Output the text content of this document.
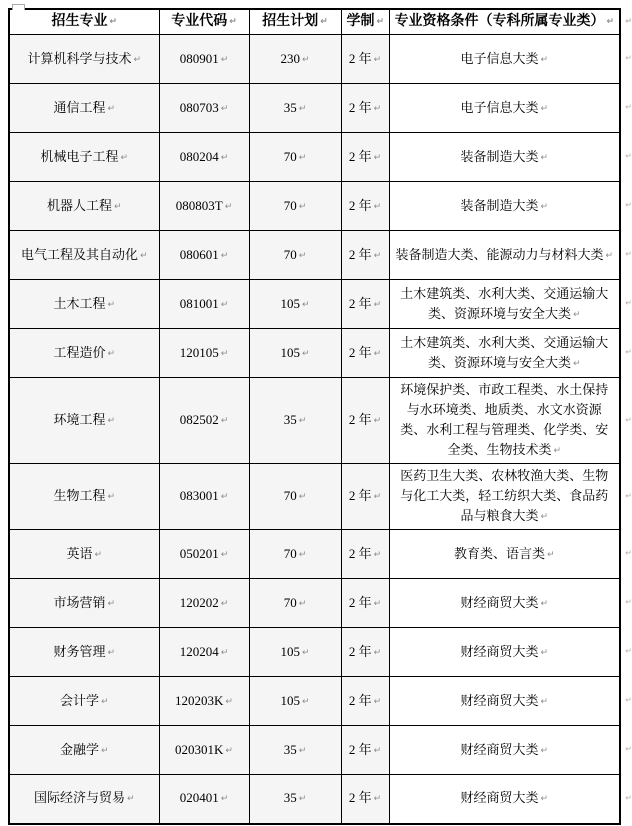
招生专业 ↵	专业代码 ↵	招生计划 ↵	学制 ↵	专业资格条件（专科所属专业类） ↵ ↵

计算机科学与技术 ↵	080901 ↵	230 ↵	2 年 ↵	电子信息大类 ↵ ↵

通信工程 ↵	080703 ↵	35 ↵	2 年 ↵	电子信息大类 ↵ ↵

机械电子工程 ↵	080204 ↵	70 ↵	2 年 ↵	装备制造大类 ↵ ↵

机器人工程 ↵	080803T ↵	70 ↵	2 年 ↵	装备制造大类 ↵ ↵

电气工程及其自动化 ↵	080601 ↵	70 ↵	2 年 ↵	装备制造大类、能源动力与材料大类 ↵ ↵

土木工程 ↵	081001 ↵	105 ↵	2 年 ↵	土木建筑类、水利大类、交通运输大类、资源环境与安全大类 ↵
↵

工程造价 ↵	120105 ↵	105 ↵	2 年 ↵	土木建筑类、水利大类、交通运输大类、资源环境与安全大类 ↵
↵

环境工程 ↵	082502 ↵	35 ↵	2 年 ↵	环境保护类、市政工程类、水土保持与水环境类、地质类、水文水资源类、水利工程与管理类、化学类、安全类、生物技术类 ↵
↵

生物工程 ↵	083001 ↵	70 ↵	2 年 ↵	医药卫生大类、农林牧渔大类、生物与化工大类，轻工纺织大类、食品药品与粮食大类 ↵
↵

英语 ↵	050201 ↵	70 ↵	2 年 ↵	教育类、语言类 ↵ ↵

市场营销 ↵	120202 ↵	70 ↵	2 年 ↵	财经商贸大类 ↵ ↵

财务管理 ↵	120204 ↵	105 ↵	2 年 ↵	财经商贸大类 ↵ ↵

会计学 ↵	120203K ↵	105 ↵	2 年 ↵	财经商贸大类 ↵ ↵

金融学 ↵	020301K ↵	35 ↵	2 年 ↵	财经商贸大类 ↵ ↵

国际经济与贸易 ↵	020401 ↵	35 ↵	2 年 ↵	财经商贸大类 ↵ ↵
